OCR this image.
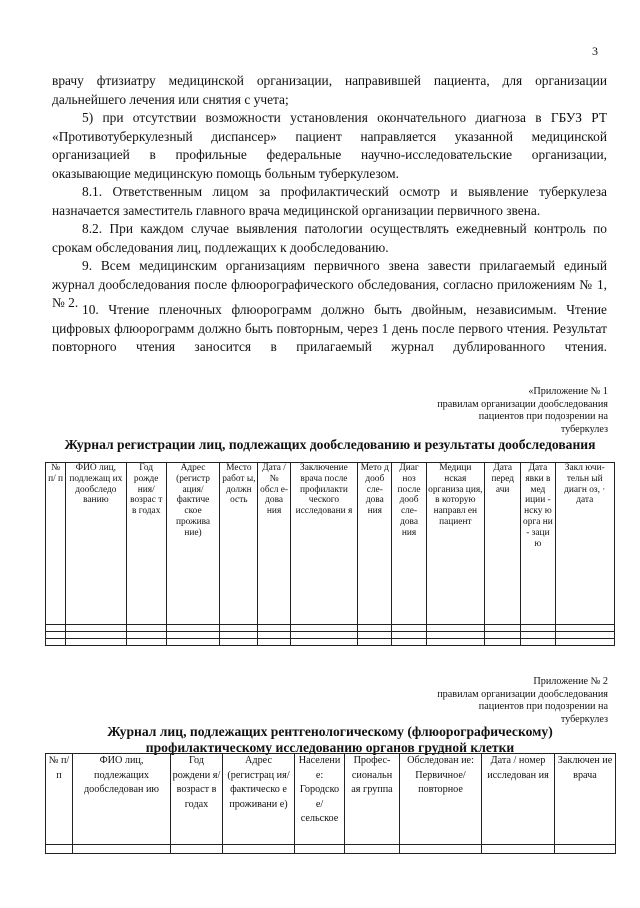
3

врачу фтизиатру медицинской организации, направившей пациента, для организации дальнейшего лечения или снятия с учета;

5) при отсутствии возможности установления окончательного диагноза в ГБУЗ РТ «Противотуберкулезный диспансер» пациент направляется указанной медицинской организацией в профильные федеральные научно-исследовательские организации, оказывающие медицинскую помощь больным туберкулезом.

8.1. Ответственным лицом за профилактический осмотр и выявление туберкулеза назначается заместитель главного врача медицинской организации первичного звена.

8.2. При каждом случае выявления патологии осуществлять ежедневный контроль по срокам обследования лиц, подлежащих к дообследованию.

9. Всем медицинским организациям первичного звена завести прилагаемый единый журнал дообследования после флюорографического обследования, согласно приложениям № 1, № 2. 10. Чтение пленочных флюорограмм должно быть двойным, независимым. Чтение цифровых флюорограмм должно быть повторным, через 1 день после первого чтения. Результат повторного чтения заносится в прилагаемый журнал дублированного чтения.

«Приложение № 1
правилам организации дообследования
пациентов при подозрении на
туберкулез
Журнал регистрации лиц, подлежащих дообследованию и результаты дообследования
№ п/ п	ФИО лиц, подлежащ их дообследо ванию	Год рожде ния/ возрас т в годах	Адрес (регистр ация/ фактиче ское прожива ние)	Место работ ы, должн ость	Дата / № обсл е- дова ния	Заключение врача после профилакти ческого исследовани я	Мето д дооб сле- дова ния	Диаг ноз после дооб сле- дова ния	Медици нская организа ция, в которую направл ен пациент	Дата перед ачи	Дата явки в мед иции - нску ю орга ни - заци ю	Закл ючи- тельн ый диагн оз, · дата

Приложение № 2
правилам организации дообследования
пациентов при подозрении на
туберкулез
Журнал лиц, подлежащих рентгенологическому (флюорографическому)
профилактическому исследованию органов грудной клетки
№ п/ п	ФИО лиц, подлежащих дообследован ию	Год рождени я/ возраст в годах	Адрес (регистрац ия/ фактическо е проживани е)	Населени е: Городско е/ сельское	Профес- сиональн ая группа	Обследован ие: Первичное/ повторное	Дата / номер исследован ия	Заключен ие врача
